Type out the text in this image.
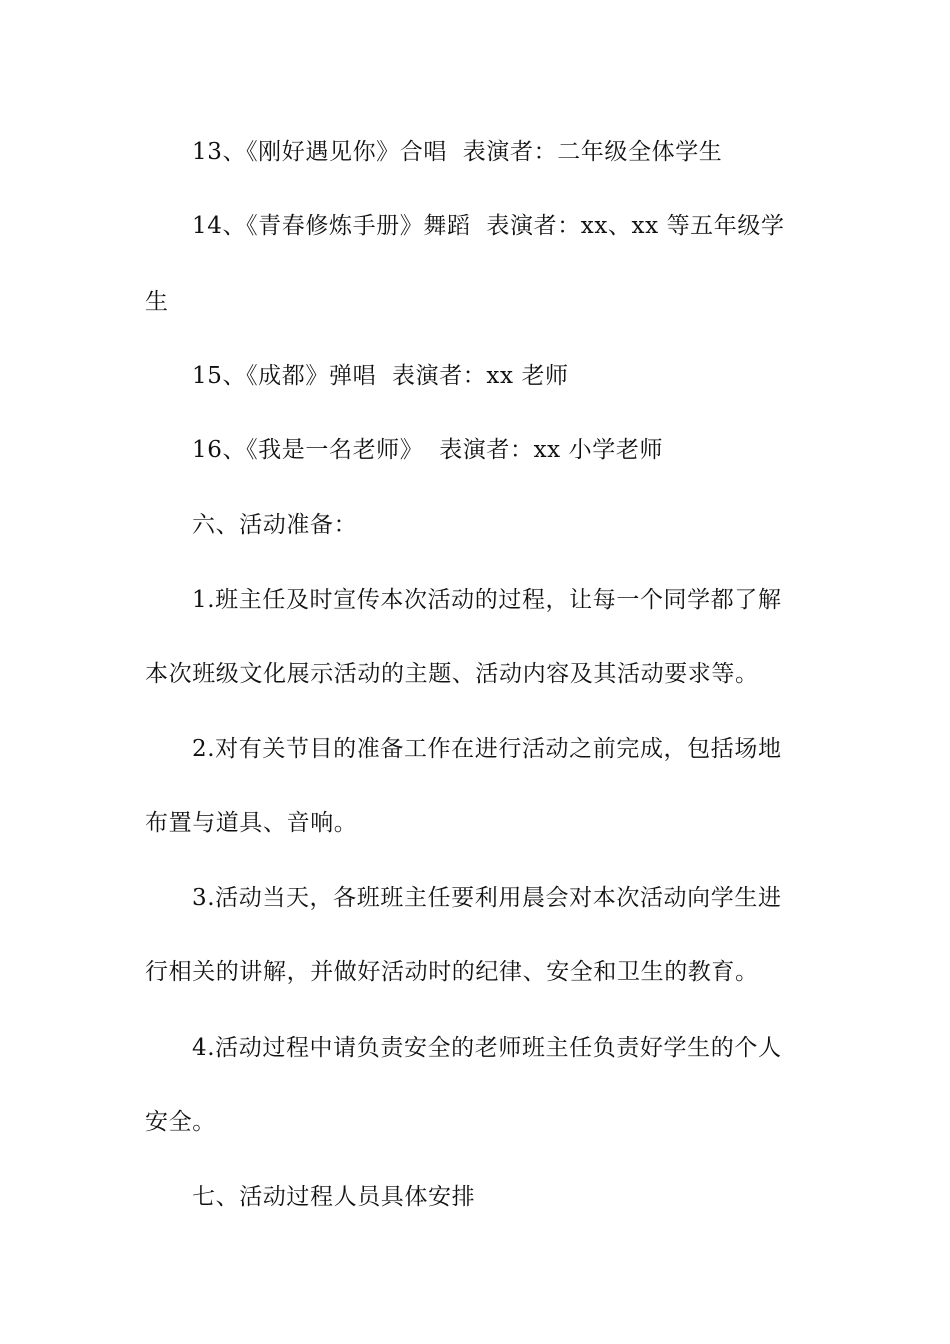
13、《刚好遇见你》合唱  表演者：二年级全体学生
14、《青春修炼手册》舞蹈  表演者：xx、xx 等五年级学
生
15、《成都》弹唱  表演者：xx 老师
16、《我是一名老师》  表演者：xx 小学老师
六、活动准备：
1.班主任及时宣传本次活动的过程，让每一个同学都了解
本次班级文化展示活动的主题、活动内容及其活动要求等。
2.对有关节目的准备工作在进行活动之前完成，包括场地
布置与道具、音响。
3.活动当天，各班班主任要利用晨会对本次活动向学生进
行相关的讲解，并做好活动时的纪律、安全和卫生的教育。
4.活动过程中请负责安全的老师班主任负责好学生的个人
安全。
七、活动过程人员具体安排
